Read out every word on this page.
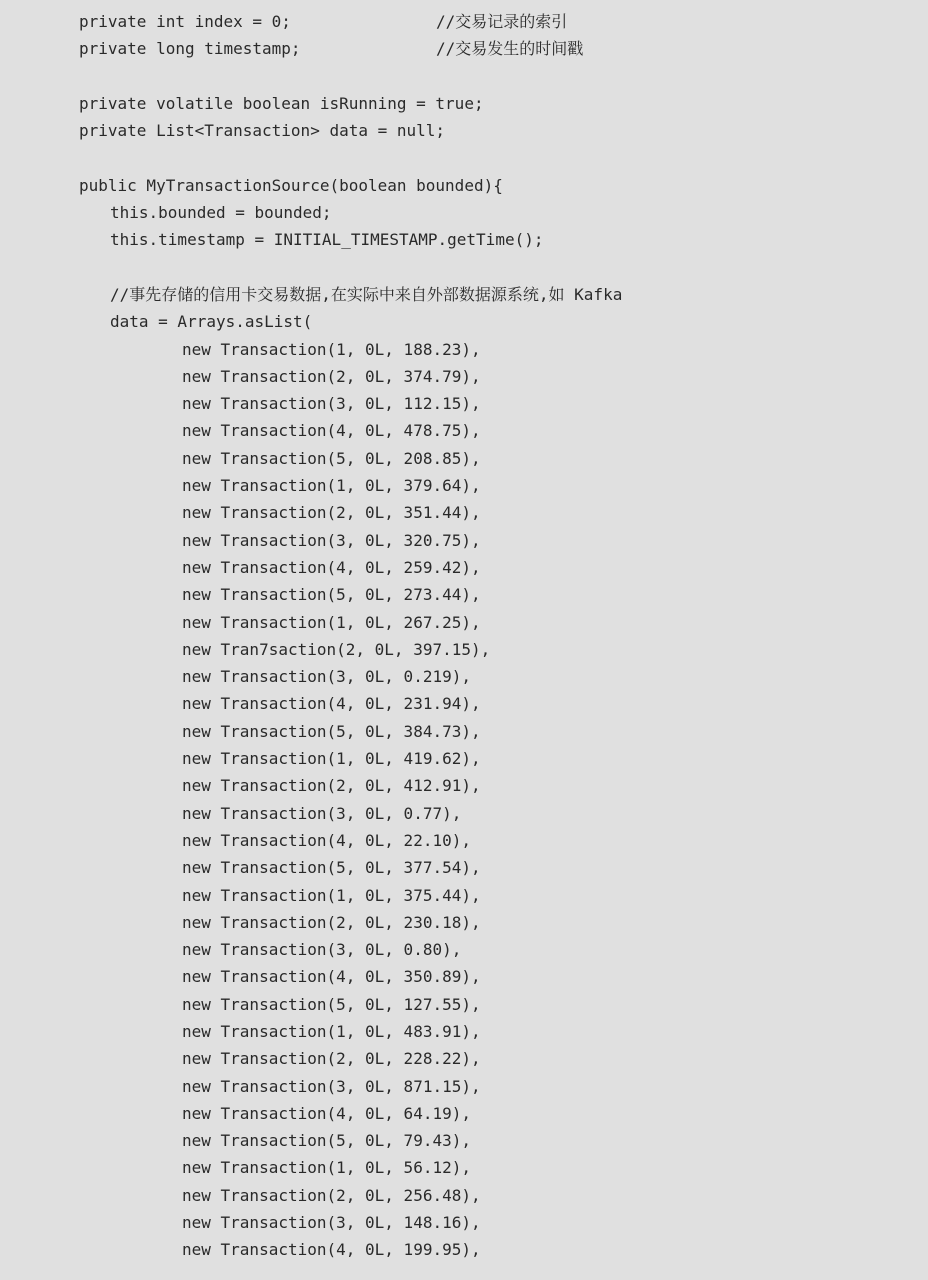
private int index = 0;

	//交易记录的索引

private long timestamp;

	//交易发生的时间戳

private volatile boolean isRunning = true;

private List<Transaction> data = null;

public MyTransactionSource(boolean bounded){

this.bounded = bounded;

this.timestamp = INITIAL_TIMESTAMP.getTime();

//事先存储的信用卡交易数据,在实际中来自外部数据源系统,如 Kafka

data = Arrays.asList(

new Transaction(1, 0L, 188.23),
new Transaction(2, 0L, 374.79),
new Transaction(3, 0L, 112.15),
new Transaction(4, 0L, 478.75),
new Transaction(5, 0L, 208.85),
new Transaction(1, 0L, 379.64),
new Transaction(2, 0L, 351.44),
new Transaction(3, 0L, 320.75),
new Transaction(4, 0L, 259.42),
new Transaction(5, 0L, 273.44),
new Transaction(1, 0L, 267.25),
new Tran7saction(2, 0L, 397.15),
new Transaction(3, 0L, 0.219),
new Transaction(4, 0L, 231.94),
new Transaction(5, 0L, 384.73),
new Transaction(1, 0L, 419.62),
new Transaction(2, 0L, 412.91),
new Transaction(3, 0L, 0.77),
new Transaction(4, 0L, 22.10),
new Transaction(5, 0L, 377.54),
new Transaction(1, 0L, 375.44),
new Transaction(2, 0L, 230.18),
new Transaction(3, 0L, 0.80),
new Transaction(4, 0L, 350.89),
new Transaction(5, 0L, 127.55),
new Transaction(1, 0L, 483.91),
new Transaction(2, 0L, 228.22),
new Transaction(3, 0L, 871.15),
new Transaction(4, 0L, 64.19),
new Transaction(5, 0L, 79.43),
new Transaction(1, 0L, 56.12),
new Transaction(2, 0L, 256.48),
new Transaction(3, 0L, 148.16),
new Transaction(4, 0L, 199.95),
